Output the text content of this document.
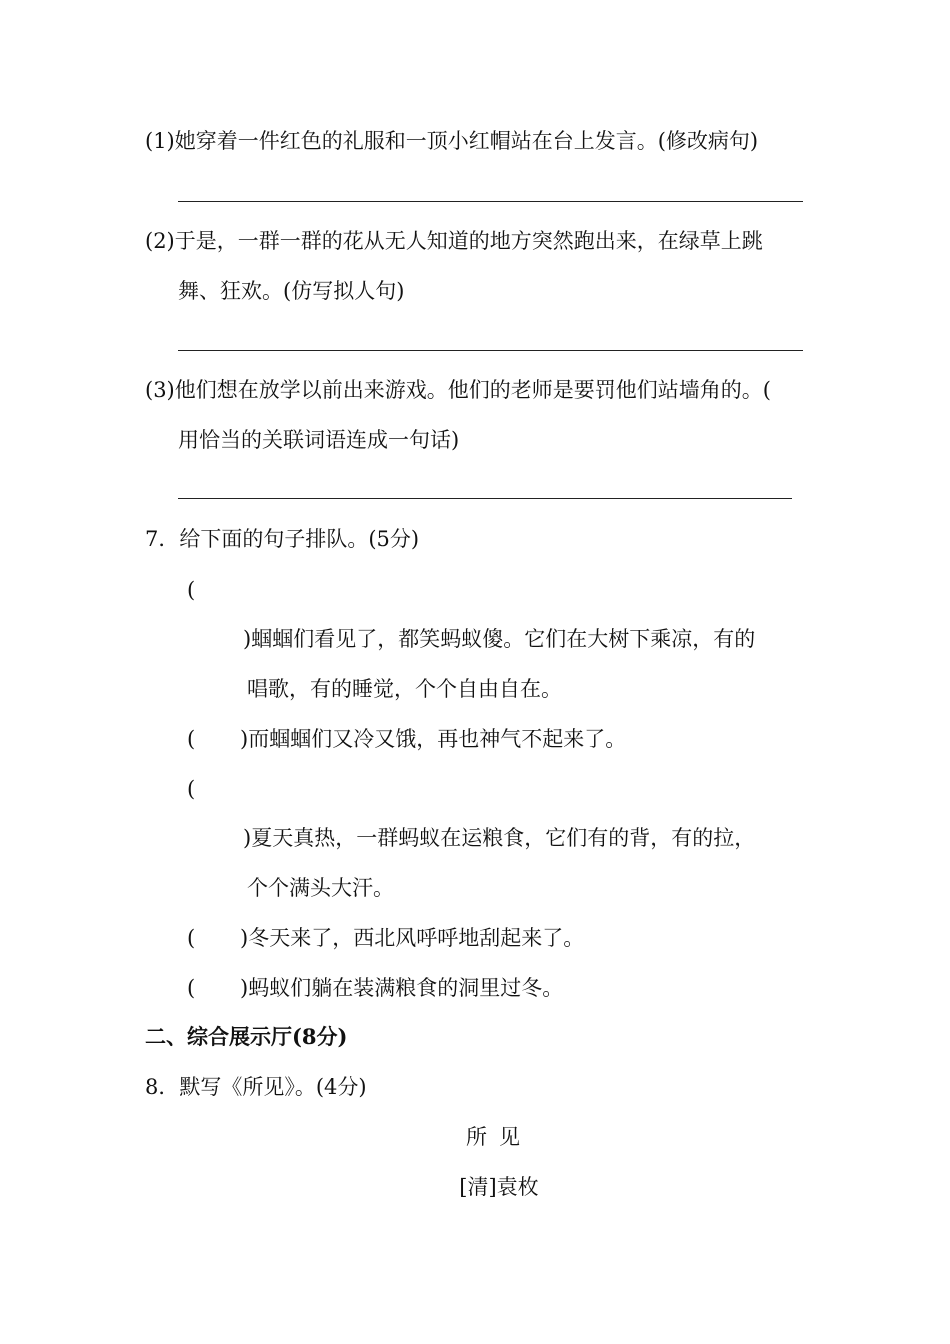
(1)她穿着一件红色的礼服和一顶小红帽站在台上发言。(修改病句)
(2)于是，一群一群的花从无人知道的地方突然跑出来，在绿草上跳
舞、狂欢。(仿写拟人句)
(3)他们想在放学以前出来游戏。他们的老师是要罚他们站墙角的。(
用恰当的关联词语连成一句话)
7．给下面的句子排队。(5分)
(
)蝈蝈们看见了，都笑蚂蚁傻。它们在大树下乘凉，有的
唱歌，有的睡觉，个个自由自在。
( )而蝈蝈们又冷又饿，再也神气不起来了。
(
)夏天真热，一群蚂蚁在运粮食，它们有的背，有的拉，
个个满头大汗。
( )冬天来了，西北风呼呼地刮起来了。
( )蚂蚁们躺在装满粮食的洞里过冬。
二、综合展示厅(8分)
8．默写《所见》。(4分)
所见
[清]袁枚
